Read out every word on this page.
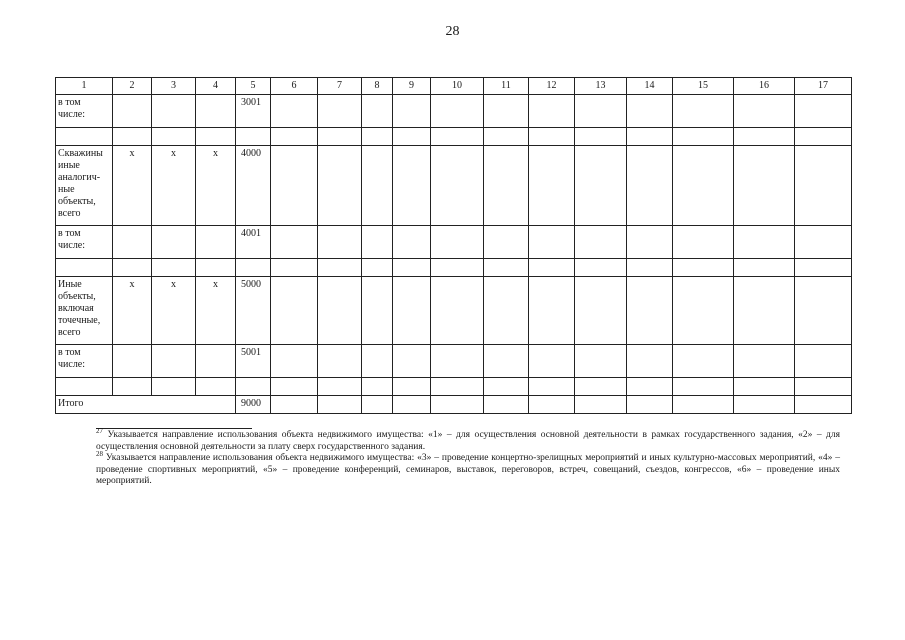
28
1	2	3	4	5	6	7	8	9	10	11	12	13	14	15	16	17
в том числе:				3001												

Скважины иные аналогич-ные объекты, всего	x	x	x	4000												
в том числе:				4001												

Иные объекты, включая точечные, всего	x	x	x	5000												
в том числе:				5001												

Итого				9000												

$^{27}$ Указывается направление использования объекта недвижимого имущества: «1» – для осуществления основной деятельности в рамках государственного задания, «2» – для осуществления основной деятельности за плату сверх государственного задания.

$^{28}$ Указывается направление использования объекта недвижимого имущества: «3» – проведение концертно-зрелищных мероприятий и иных культурно-массовых мероприятий, «4» – проведение спортивных мероприятий, «5» – проведение конференций, семинаров, выставок, переговоров, встреч, совещаний, съездов, конгрессов, «6» – проведение иных мероприятий.
